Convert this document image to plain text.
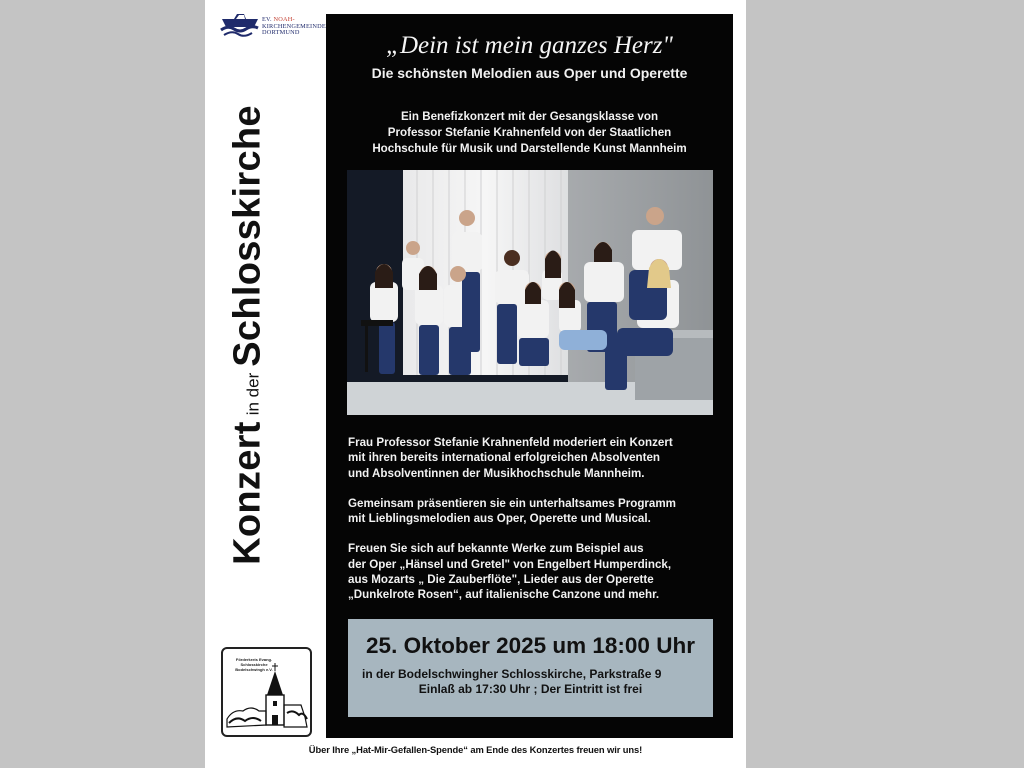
EV. NOAH-
KIRCHENGEMEINDE
DORTMUND
Konzertin derSchlosskirche
Förderkreis Evang. Schlosskirche Bodelschwingh e.V.
„Dein ist mein ganzes Herz"
Die schönsten Melodien aus Oper und Operette
Ein Benefizkonzert mit der Gesangsklasse von
Professor Stefanie Krahnenfeld von der Staatlichen
Hochschule für Musik und Darstellende Kunst Mannheim

Frau Professor Stefanie Krahnenfeld moderiert ein Konzert
mit ihren bereits international erfolgreichen Absolventen
und Absolventinnen der Musikhochschule Mannheim.

Gemeinsam präsentieren sie ein unterhaltsames Programm
mit Lieblingsmelodien aus Oper, Operette und Musical.

Freuen Sie sich auf bekannte Werke zum Beispiel aus
der Oper „Hänsel und Gretel" von Engelbert Humperdinck,
aus Mozarts „ Die Zauberflöte", Lieder aus der Operette
„Dunkelrote Rosen“, auf italienische Canzone und mehr.

25. Oktober 2025 um 18:00 Uhr
in der Bodelschwingher Schlosskirche, Parkstraße 9
Einlaß ab 17:30 Uhr ; Der Eintritt ist frei
Über Ihre „Hat-Mir-Gefallen-Spende“ am Ende des Konzertes freuen wir uns!
